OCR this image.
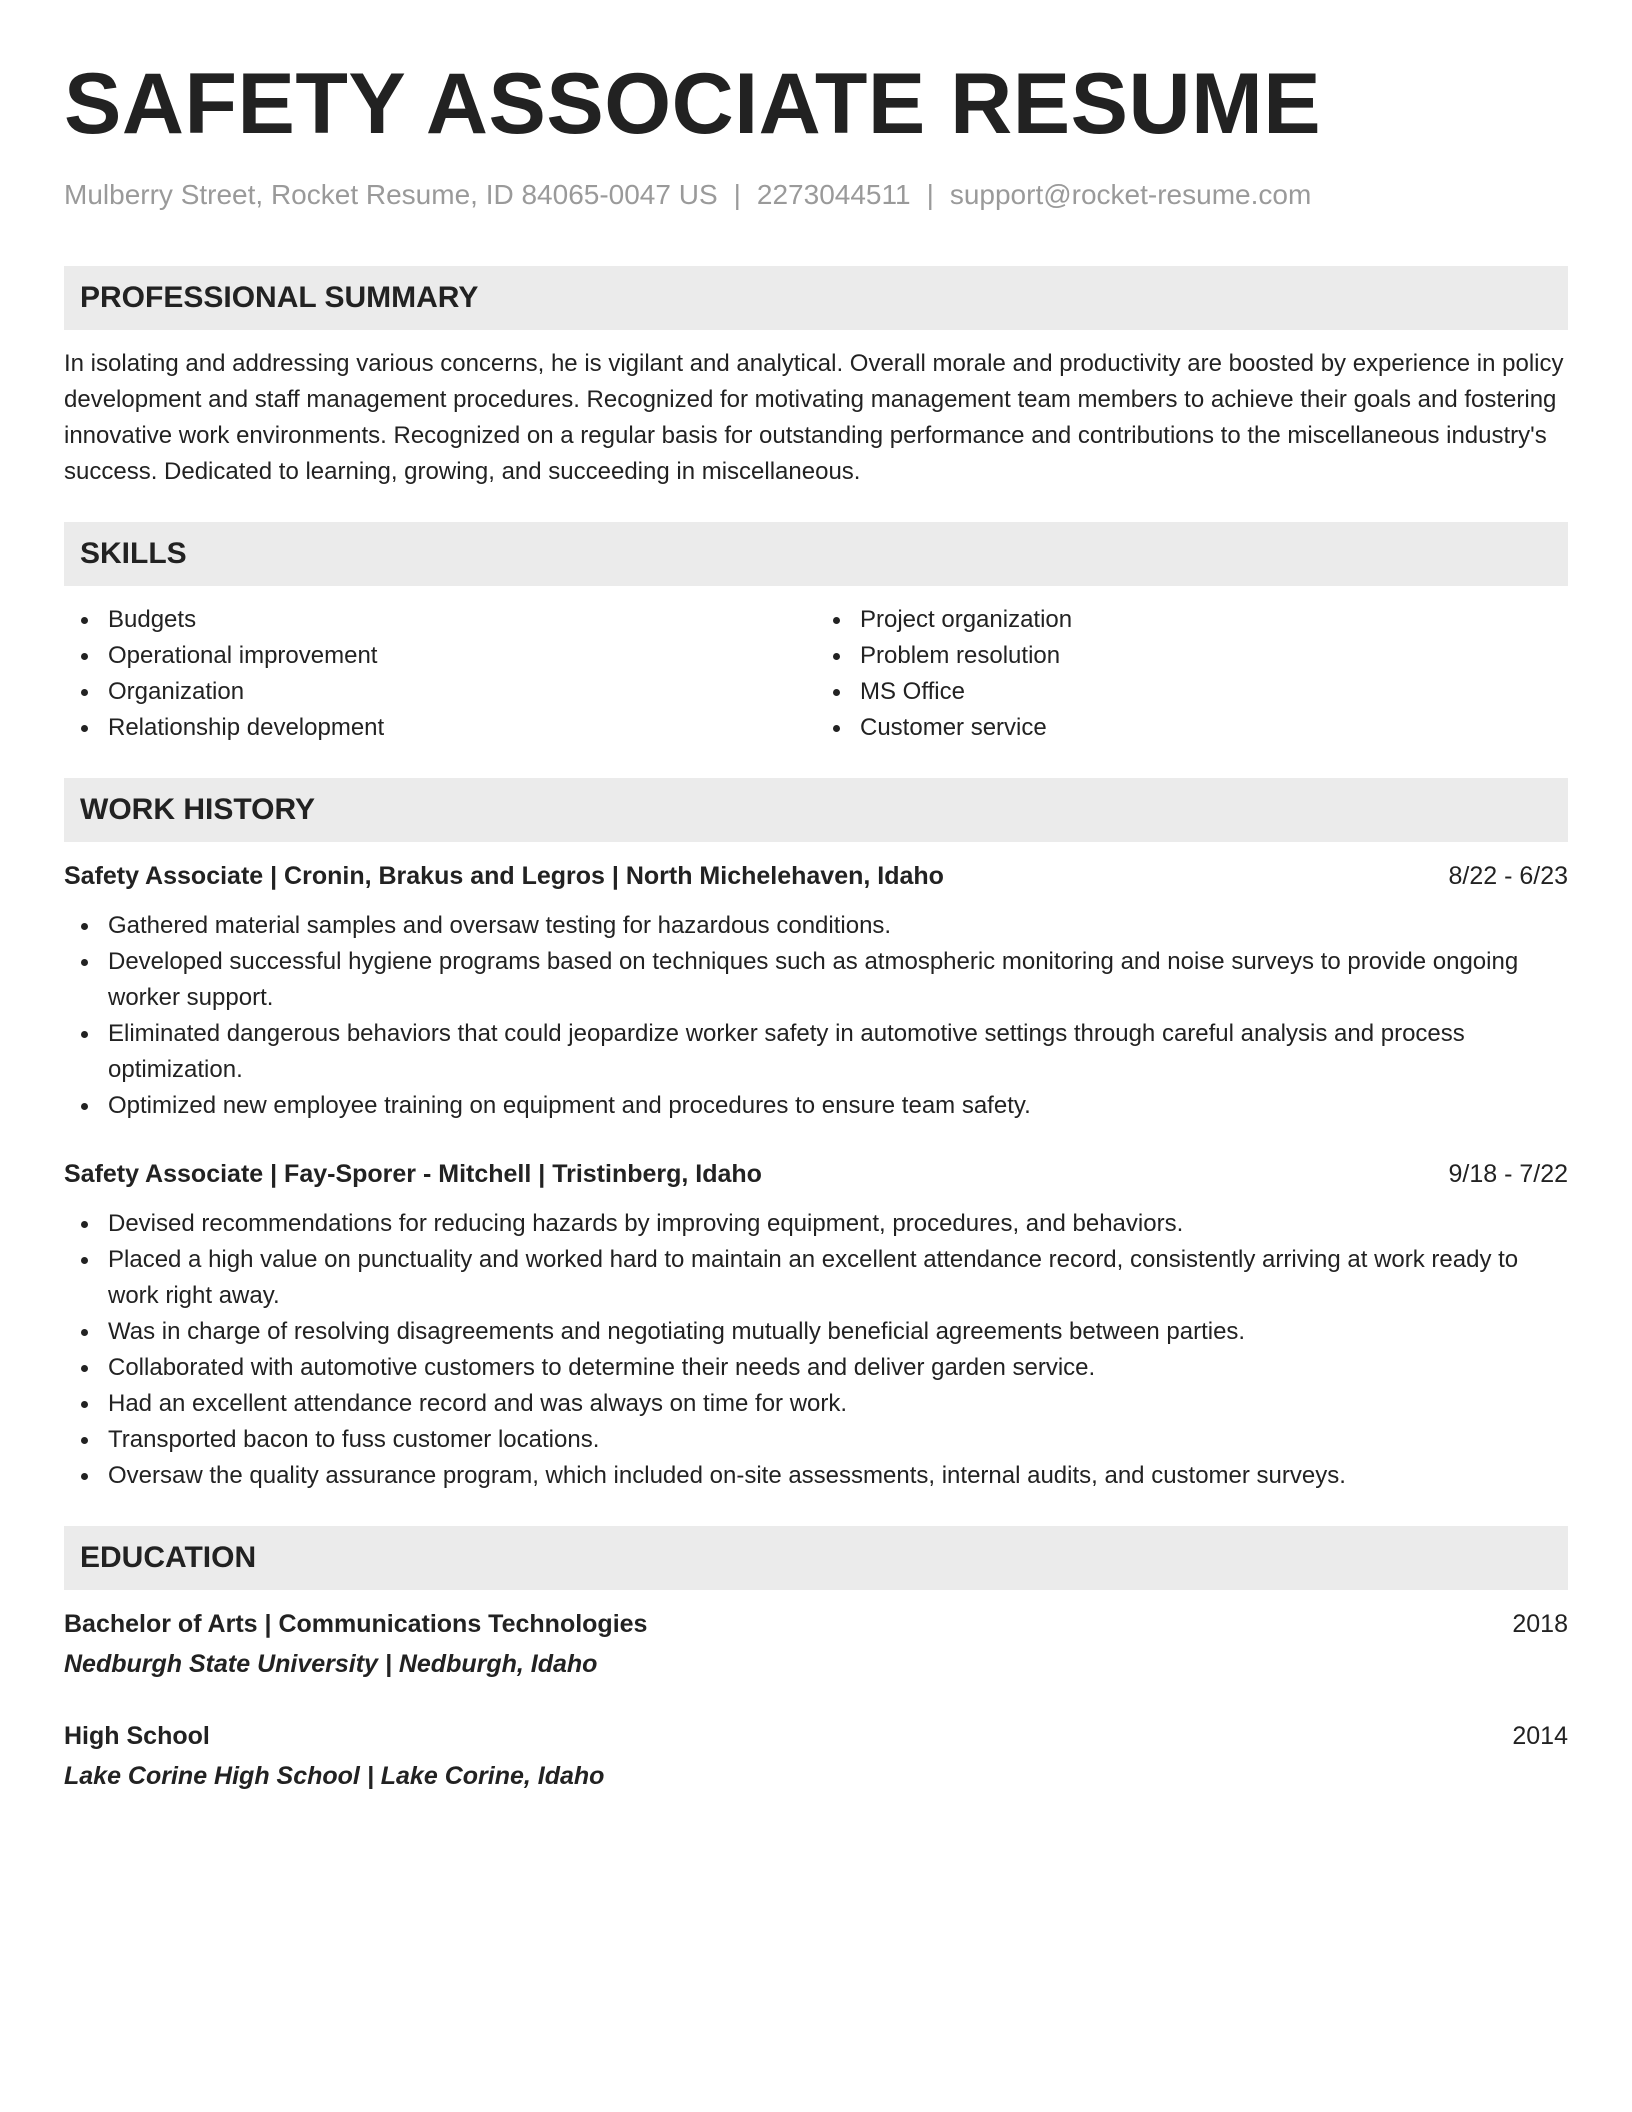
SAFETY ASSOCIATE RESUME
Mulberry Street, Rocket Resume, ID 84065-0047 US | 2273044511 | support@rocket-resume.com
PROFESSIONAL SUMMARY
In isolating and addressing various concerns, he is vigilant and analytical. Overall morale and productivity are boosted by experience in policy development and staff management procedures. Recognized for motivating management team members to achieve their goals and fostering innovative work environments. Recognized on a regular basis for outstanding performance and contributions to the miscellaneous industry's success. Dedicated to learning, growing, and succeeding in miscellaneous.
SKILLS
Budgets
Operational improvement
Organization
Relationship development
Project organization
Problem resolution
MS Office
Customer service
WORK HISTORY
Safety Associate | Cronin, Brakus and Legros | North Michelehaven, Idaho	8/22 - 6/23
Gathered material samples and oversaw testing for hazardous conditions.
Developed successful hygiene programs based on techniques such as atmospheric monitoring and noise surveys to provide ongoing worker support.
Eliminated dangerous behaviors that could jeopardize worker safety in automotive settings through careful analysis and process optimization.
Optimized new employee training on equipment and procedures to ensure team safety.
Safety Associate | Fay-Sporer - Mitchell | Tristinberg, Idaho	9/18 - 7/22
Devised recommendations for reducing hazards by improving equipment, procedures, and behaviors.
Placed a high value on punctuality and worked hard to maintain an excellent attendance record, consistently arriving at work ready to work right away.
Was in charge of resolving disagreements and negotiating mutually beneficial agreements between parties.
Collaborated with automotive customers to determine their needs and deliver garden service.
Had an excellent attendance record and was always on time for work.
Transported bacon to fuss customer locations.
Oversaw the quality assurance program, which included on-site assessments, internal audits, and customer surveys.
EDUCATION
Bachelor of Arts | Communications Technologies	2018
Nedburgh State University | Nedburgh, Idaho
High School	2014
Lake Corine High School | Lake Corine, Idaho
